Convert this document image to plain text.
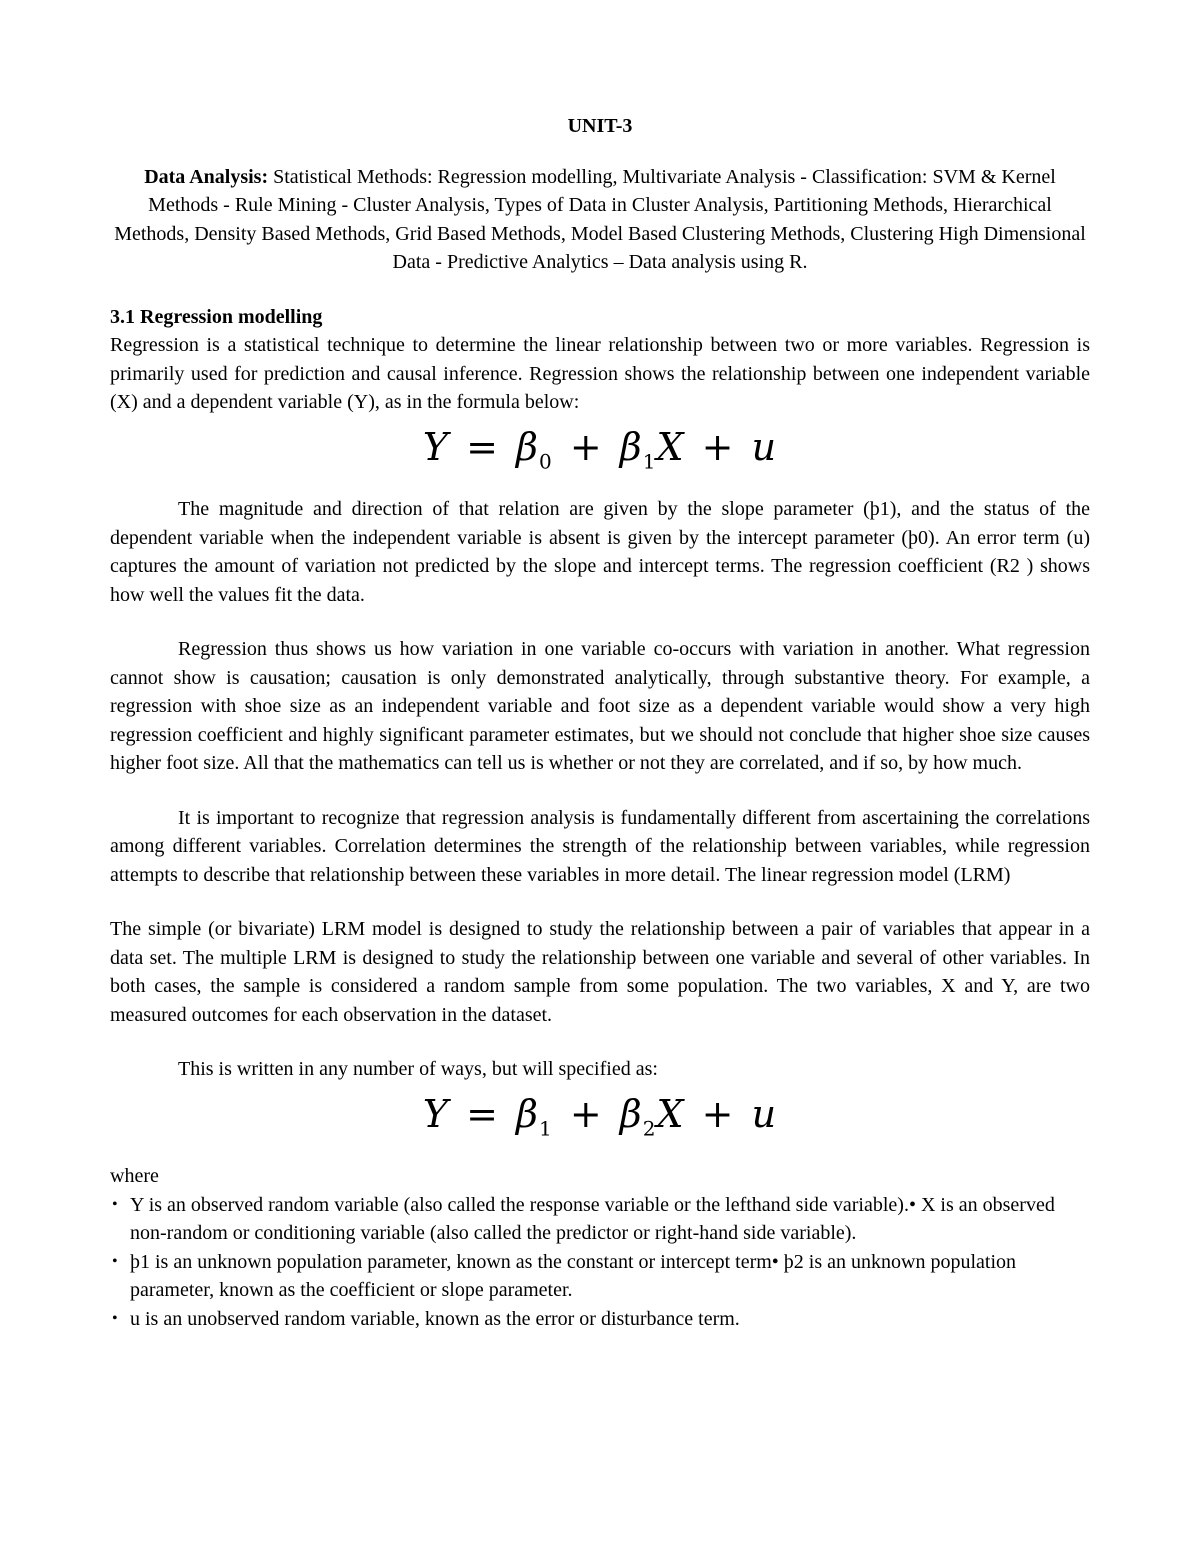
UNIT-3
Data Analysis: Statistical Methods: Regression modelling, Multivariate Analysis - Classification: SVM & Kernel Methods - Rule Mining - Cluster Analysis, Types of Data in Cluster Analysis, Partitioning Methods, Hierarchical Methods, Density Based Methods, Grid Based Methods, Model Based Clustering Methods, Clustering High Dimensional Data - Predictive Analytics – Data analysis using R.
3.1 Regression modelling

Regression is a statistical technique to determine the linear relationship between two or more variables. Regression is primarily used for prediction and causal inference. Regression shows the relationship between one independent variable (X) and a dependent variable (Y), as in the formula below:

$Y = \beta_0 + \beta_1X + u$

The magnitude and direction of that relation are given by the slope parameter (þ1), and the status of the dependent variable when the independent variable is absent is given by the intercept parameter (þ0). An error term (u) captures the amount of variation not predicted by the slope and intercept terms. The regression coefficient (R2 ) shows how well the values fit the data.

Regression thus shows us how variation in one variable co-occurs with variation in another. What regression cannot show is causation; causation is only demonstrated analytically, through substantive theory. For example, a regression with shoe size as an independent variable and foot size as a dependent variable would show a very high regression coefficient and highly significant parameter estimates, but we should not conclude that higher shoe size causes higher foot size. All that the mathematics can tell us is whether or not they are correlated, and if so, by how much.

It is important to recognize that regression analysis is fundamentally different from ascertaining the correlations among different variables. Correlation determines the strength of the relationship between variables, while regression attempts to describe that relationship between these variables in more detail. The linear regression model (LRM)

The simple (or bivariate) LRM model is designed to study the relationship between a pair of variables that appear in a data set. The multiple LRM is designed to study the relationship between one variable and several of other variables. In both cases, the sample is considered a random sample from some population. The two variables, X and Y, are two measured outcomes for each observation in the dataset.

This is written in any number of ways, but will specified as:

$Y = \beta_1 + \beta_2X + u$

where

• Y is an observed random variable (also called the response variable or the lefthand side variable).• X is an observed non-random or conditioning variable (also called the predictor or right-hand side variable).
• þ1 is an unknown population parameter, known as the constant or intercept term• þ2 is an unknown population parameter, known as the coefficient or slope parameter.
• u is an unobserved random variable, known as the error or disturbance term.
